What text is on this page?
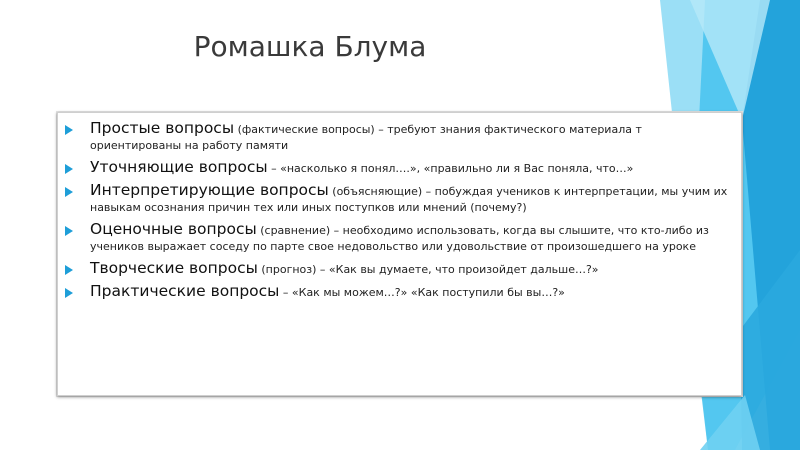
Ромашка Блума
Простые вопросы (фактические вопросы) – требуют знания фактического материала т ориентированы на работу памяти
Уточняющие вопросы – «насколько я понял….», «правильно ли я Вас поняла, что…»
Интерпретирующие вопросы (объясняющие) – побуждая учеников к интерпретации, мы учим их навыкам осознания причин тех или иных поступков или мнений (почему?)
Оценочные вопросы (сравнение) – необходимо использовать, когда вы слышите, что кто-либо из учеников выражает соседу по парте свое недовольство или удовольствие от произошедшего на уроке
Творческие вопросы (прогноз) – «Как вы думаете, что произойдет дальше…?»
Практические вопросы – «Как мы можем…?» «Как поступили бы вы…?»
